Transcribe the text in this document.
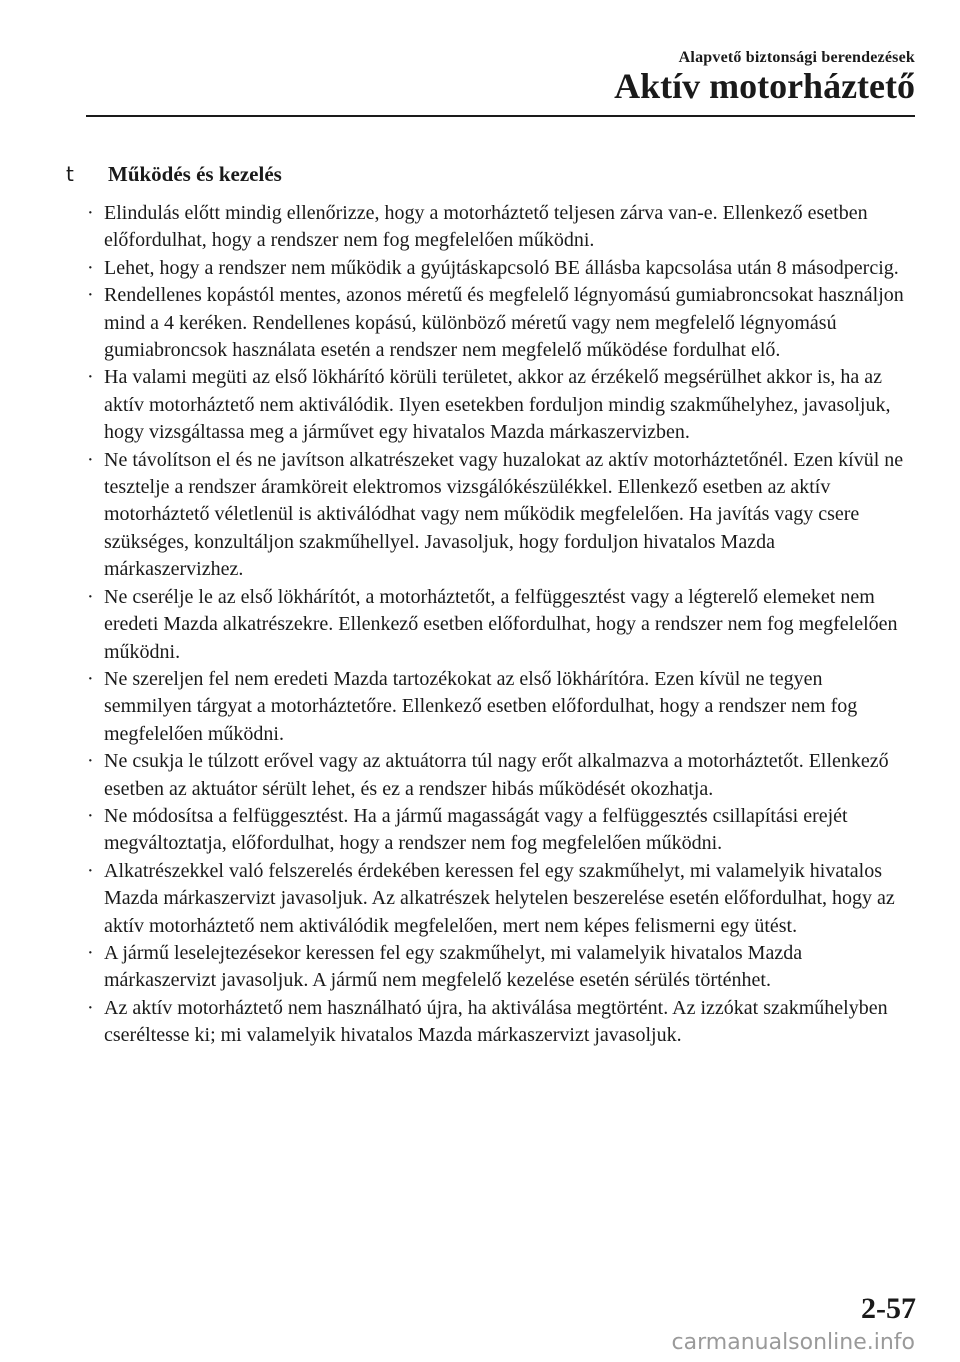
Alapvető biztonsági berendezések
Aktív motorháztető
t	Működés és kezelés
· Elindulás előtt mindig ellenőrizze, hogy a motorháztető teljesen zárva van-e. Ellenkező esetben előfordulhat, hogy a rendszer nem fog megfelelően működni.
· Lehet, hogy a rendszer nem működik a gyújtáskapcsoló BE állásba kapcsolása után 8 másodpercig.
· Rendellenes kopástól mentes, azonos méretű és megfelelő légnyomású gumiabroncsokat használjon mind a 4 keréken. Rendellenes kopású, különböző méretű vagy nem megfelelő légnyomású gumiabroncsok használata esetén a rendszer nem megfelelő működése fordulhat elő.
· Ha valami megüti az első lökhárító körüli területet, akkor az érzékelő megsérülhet akkor is, ha az aktív motorháztető nem aktiválódik. Ilyen esetekben forduljon mindig szakműhelyhez, javasoljuk, hogy vizsgáltassa meg a járművet egy hivatalos Mazda márkaszervizben.
· Ne távolítson el és ne javítson alkatrészeket vagy huzalokat az aktív motorháztetőnél. Ezen kívül ne tesztelje a rendszer áramköreit elektromos vizsgálókészülékkel. Ellenkező esetben az aktív motorháztető véletlenül is aktiválódhat vagy nem működik megfelelően. Ha javítás vagy csere szükséges, konzultáljon szakműhellyel. Javasoljuk, hogy forduljon hivatalos Mazda márkaszervizhez.
· Ne cserélje le az első lökhárítót, a motorháztetőt, a felfüggesztést vagy a légterelő elemeket nem eredeti Mazda alkatrészekre. Ellenkező esetben előfordulhat, hogy a rendszer nem fog megfelelően működni.
· Ne szereljen fel nem eredeti Mazda tartozékokat az első lökhárítóra. Ezen kívül ne tegyen semmilyen tárgyat a motorháztetőre. Ellenkező esetben előfordulhat, hogy a rendszer nem fog megfelelően működni.
· Ne csukja le túlzott erővel vagy az aktuátorra túl nagy erőt alkalmazva a motorháztetőt. Ellenkező esetben az aktuátor sérült lehet, és ez a rendszer hibás működését okozhatja.
· Ne módosítsa a felfüggesztést. Ha a jármű magasságát vagy a felfüggesztés csillapítási erejét megváltoztatja, előfordulhat, hogy a rendszer nem fog megfelelően működni.
· Alkatrészekkel való felszerelés érdekében keressen fel egy szakműhelyt, mi valamelyik hivatalos Mazda márkaszervizt javasoljuk. Az alkatrészek helytelen beszerelése esetén előfordulhat, hogy az aktív motorháztető nem aktiválódik megfelelően, mert nem képes felismerni egy ütést.
· A jármű leselejtezésekor keressen fel egy szakműhelyt, mi valamelyik hivatalos Mazda márkaszervizt javasoljuk. A jármű nem megfelelő kezelése esetén sérülés történhet.
· Az aktív motorháztető nem használható újra, ha aktiválása megtörtént. Az izzókat szakműhelyben cseréltesse ki; mi valamelyik hivatalos Mazda márkaszervizt javasoljuk.
2-57
carmanualsonline.info
